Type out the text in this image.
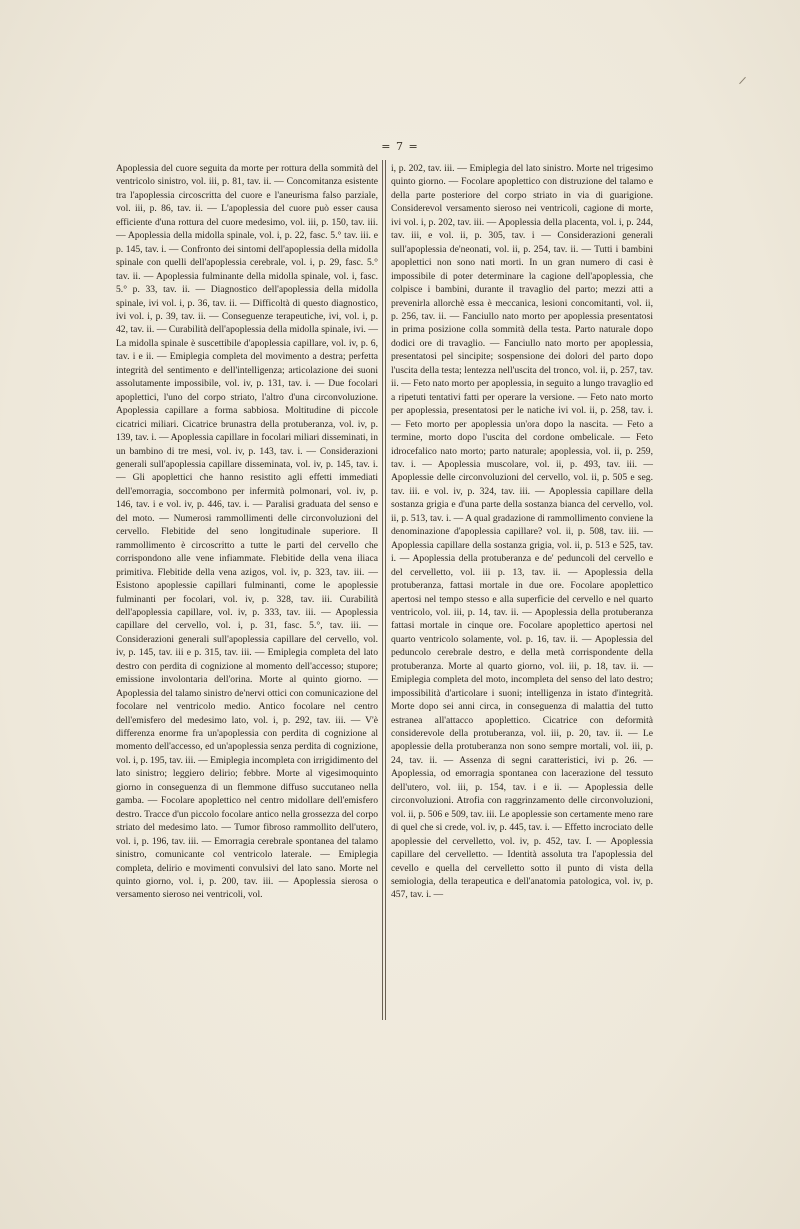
= 7 =

Apoplessia del cuore seguita da morte per rottura della sommità del ventricolo sinistro, vol. iii, p. 81, tav. ii. — Concomitanza esistente tra l'apoplessia circoscritta del cuore e l'aneurisma falso parziale, vol. iii, p. 86, tav. ii. — L'apoplessia del cuore può esser causa efficiente d'una rottura del cuore medesimo, vol. iii, p. 150, tav. iii. — Apoplessia della midolla spinale, vol. i, p. 22, fasc. 5.° tav. iii. e p. 145, tav. i. — Confronto dei sintomi dell'apoplessia della midolla spinale con quelli dell'apoplessia cerebrale, vol. i, p. 29, fasc. 5.° tav. ii. — Apoplessia fulminante della midolla spinale, vol. i, fasc. 5.° p. 33, tav. ii. — Diagnostico dell'apoplessia della midolla spinale, ivi vol. i, p. 36, tav. ii. — Difficoltà di questo diagnostico, ivi vol. i, p. 39, tav. ii. — Conseguenze terapeutiche, ivi, vol. i, p. 42, tav. ii. — Curabilità dell'apoplessia della midolla spinale, ivi. — La midolla spinale è suscettibile d'apoplessia capillare, vol. iv, p. 6, tav. i e ii. — Emiplegia completa del movimento a destra; perfetta integrità del sentimento e dell'intelligenza; articolazione dei suoni assolutamente impossibile, vol. iv, p. 131, tav. i. — Due focolari apoplettici, l'uno del corpo striato, l'altro d'una circonvoluzione. Apoplessia capillare a forma sabbiosa. Moltitudine di piccole cicatrici miliari. Cicatrice brunastra della protuberanza, vol. iv, p. 139, tav. i. — Apoplessia capillare in focolari miliari disseminati, in un bambino di tre mesi, vol. iv, p. 143, tav. i. — Considerazioni generali sull'apoplessia capillare disseminata, vol. iv, p. 145, tav. i. — Gli apoplettici che hanno resistito agli effetti immediati dell'emorragia, soccombono per infermità polmonari, vol. iv, p. 146, tav. i e vol. iv, p. 446, tav. i. — Paralisi graduata del senso e del moto. — Numerosi rammollimenti delle circonvoluzioni del cervello. Flebitide del seno longitudinale superiore. Il rammollimento è circoscritto a tutte le parti del cervello che corrispondono alle vene infiammate. Flebitide della vena iliaca primitiva. Flebitide della vena azigos, vol. iv, p. 323, tav. iii. — Esistono apoplessie capillari fulminanti, come le apoplessie fulminanti per focolari, vol. iv, p. 328, tav. iii. Curabilità dell'apoplessia capillare, vol. iv, p. 333, tav. iii. — Apoplessia capillare del cervello, vol. i, p. 31, fasc. 5.°, tav. iii. — Considerazioni generali sull'apoplessia capillare del cervello, vol. iv, p. 145, tav. iii e p. 315, tav. iii. — Emiplegia completa del lato destro con perdita di cognizione al momento dell'accesso; stupore; emissione involontaria dell'orina. Morte al quinto giorno. — Apoplessia del talamo sinistro de'nervi ottici con comunicazione del focolare nel ventricolo medio. Antico focolare nel centro dell'emisfero del medesimo lato, vol. i, p. 292, tav. iii. — V'è differenza enorme fra un'apoplessia con perdita di cognizione al momento dell'accesso, ed un'apoplessia senza perdita di cognizione, vol. i, p. 195, tav. iii. — Emiplegia incompleta con irrigidimento del lato sinistro; leggiero delirio; febbre. Morte al vigesimoquinto giorno in conseguenza di un flemmone diffuso succutaneo nella gamba. — Focolare apoplettico nel centro midollare dell'emisfero destro. Tracce d'un piccolo focolare antico nella grossezza del corpo striato del medesimo lato. — Tumor fibroso rammollito dell'utero, vol. i, p. 196, tav. iii. — Emorragia cerebrale spontanea del talamo sinistro, comunicante col ventricolo laterale. — Emiplegia completa, delirio e movimenti convulsivi del lato sano. Morte nel quinto giorno, vol. i, p. 200, tav. iii. — Apoplessia sierosa o versamento sieroso nei ventricoli, vol.

i, p. 202, tav. iii. — Emiplegia del lato sinistro. Morte nel trigesimo quinto giorno. — Focolare apoplettico con distruzione del talamo e della parte posteriore del corpo striato in via di guarigione. Considerevol versamento sieroso nei ventricoli, cagione di morte, ivi vol. i, p. 202, tav. iii. — Apoplessia della placenta, vol. i, p. 244, tav. iii, e vol. ii, p. 305, tav. i — Considerazioni generali sull'apoplessia de'neonati, vol. ii, p. 254, tav. ii. — Tutti i bambini apoplettici non sono nati morti. In un gran numero di casi è impossibile di poter determinare la cagione dell'apoplessia, che colpisce i bambini, durante il travaglio del parto; mezzi atti a prevenirla allorchè essa è meccanica, lesioni concomitanti, vol. ii, p. 256, tav. ii. — Fanciullo nato morto per apoplessia presentatosi in prima posizione colla sommità della testa. Parto naturale dopo dodici ore di travaglio. — Fanciullo nato morto per apoplessia, presentatosi pel sincipite; sospensione dei dolori del parto dopo l'uscita della testa; lentezza nell'uscita del tronco, vol. ii, p. 257, tav. ii. — Feto nato morto per apoplessia, in seguito a lungo travaglio ed a ripetuti tentativi fatti per operare la versione. — Feto nato morto per apoplessia, presentatosi per le natiche ivi vol. ii, p. 258, tav. i. — Feto morto per apoplessia un'ora dopo la nascita. — Feto a termine, morto dopo l'uscita del cordone ombelicale. — Feto idrocefalico nato morto; parto naturale; apoplessia, vol. ii, p. 259, tav. i. — Apoplessia muscolare, vol. ii, p. 493, tav. iii. — Apoplessie delle circonvoluzioni del cervello, vol. ii, p. 505 e seg. tav. iii. e vol. iv, p. 324, tav. iii. — Apoplessia capillare della sostanza grigia e d'una parte della sostanza bianca del cervello, vol. ii, p. 513, tav. i. — A qual gradazione di rammollimento conviene la denominazione d'apoplessia capillare? vol. ii, p. 508, tav. iii. — Apoplessia capillare della sostanza grigia, vol. ii, p. 513 e 525, tav. i. — Apoplessia della protuberanza e de' peduncoli del cervello e del cervelletto, vol. iii p. 13, tav. ii. — Apoplessia della protuberanza, fattasi mortale in due ore. Focolare apoplettico apertosi nel tempo stesso e alla superficie del cervello e nel quarto ventricolo, vol. iii, p. 14, tav. ii. — Apoplessia della protuberanza fattasi mortale in cinque ore. Focolare apoplettico apertosi nel quarto ventricolo solamente, vol. p. 16, tav. ii. — Apoplessia del peduncolo cerebrale destro, e della metà corrispondente della protuberanza. Morte al quarto giorno, vol. iii, p. 18, tav. ii. — Emiplegia completa del moto, incompleta del senso del lato destro; impossibilità d'articolare i suoni; intelligenza in istato d'integrità. Morte dopo sei anni circa, in conseguenza di malattia del tutto estranea all'attacco apoplettico. Cicatrice con deformità considerevole della protuberanza, vol. iii, p. 20, tav. ii. — Le apoplessie della protuberanza non sono sempre mortali, vol. iii, p. 24, tav. ii. — Assenza di segni caratteristici, ivi p. 26. — Apoplessia, od emorragia spontanea con lacerazione del tessuto dell'utero, vol. iii, p. 154, tav. i e ii. — Apoplessia delle circonvoluzioni. Atrofia con raggrinzamento delle circonvoluzioni, vol. ii, p. 506 e 509, tav. iii. Le apoplessie son certamente meno rare di quel che si crede, vol. iv, p. 445, tav. i. — Effetto incrociato delle apoplessie del cervelletto, vol. iv, p. 452, tav. I. — Apoplessia capillare del cervelletto. — Identità assoluta tra l'apoplessia del cevello e quella del cervelletto sotto il punto di vista della semiologia, della terapeutica e dell'anatomia patologica, vol. iv, p. 457, tav. i. —
